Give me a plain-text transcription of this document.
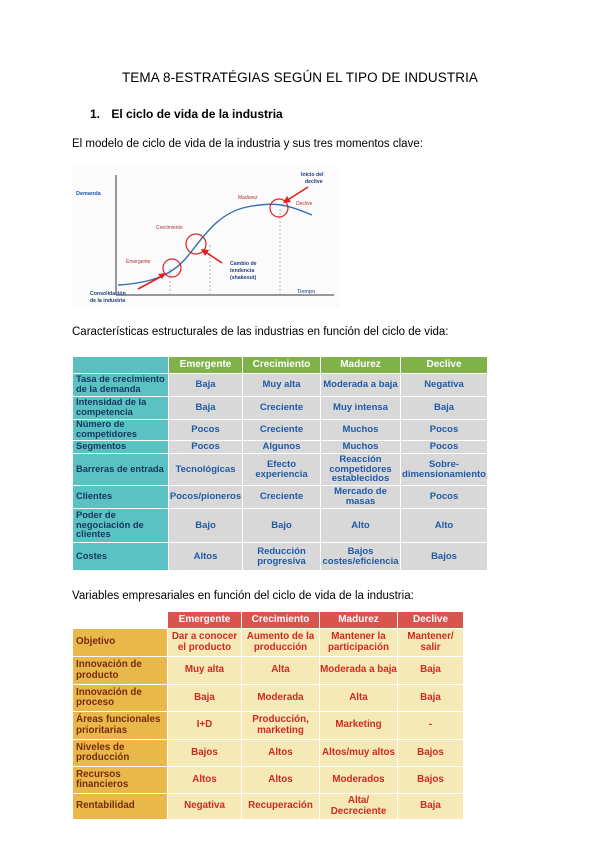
TEMA 8-ESTRATÉGIAS SEGÚN EL TIPO DE INDUSTRIA
1. El ciclo de vida de la industria
El modelo de ciclo de vida de la industria y sus tres momentos clave:
Demanda
Tiempo
Emergente
Crecimiento
Madurez
Declive
Consolidación de la industria
Cambio de tendencia (shakeout)
Inicio del declive
Características estructurales de las industrias en función del ciclo de vida:
	Emergente	Crecimiento	Madurez	Declive
Tasa de crecimiento de la demanda	Baja	Muy alta	Moderada a baja	Negativa
Intensidad de la competencia	Baja	Creciente	Muy intensa	Baja
Número de competidores	Pocos	Creciente	Muchos	Pocos
Segmentos	Pocos	Algunos	Muchos	Pocos
Barreras de entrada	Tecnológicas	Efecto experiencia	Reacción competidores establecidos	Sobre-dimensionamiento
Clientes	Pocos/pioneros	Creciente	Mercado de masas	Pocos
Poder de negociación de clientes	Bajo	Bajo	Alto	Alto
Costes	Altos	Reducción progresiva	Bajos costes/eficiencia	Bajos
Variables empresariales en función del ciclo de vida de la industria:
	Emergente	Crecimiento	Madurez	Declive
Objetivo	Dar a conocer el producto	Aumento de la producción	Mantener la participación	Mantener/ salir
Innovación de producto	Muy alta	Alta	Moderada a baja	Baja
Innovación de proceso	Baja	Moderada	Alta	Baja
Áreas funcionales prioritarias	I+D	Producción, marketing	Marketing	-
Niveles de producción	Bajos	Altos	Altos/muy altos	Bajos
Recursos financieros	Altos	Altos	Moderados	Bajos
Rentabilidad	Negativa	Recuperación	Alta/ Decreciente	Baja
